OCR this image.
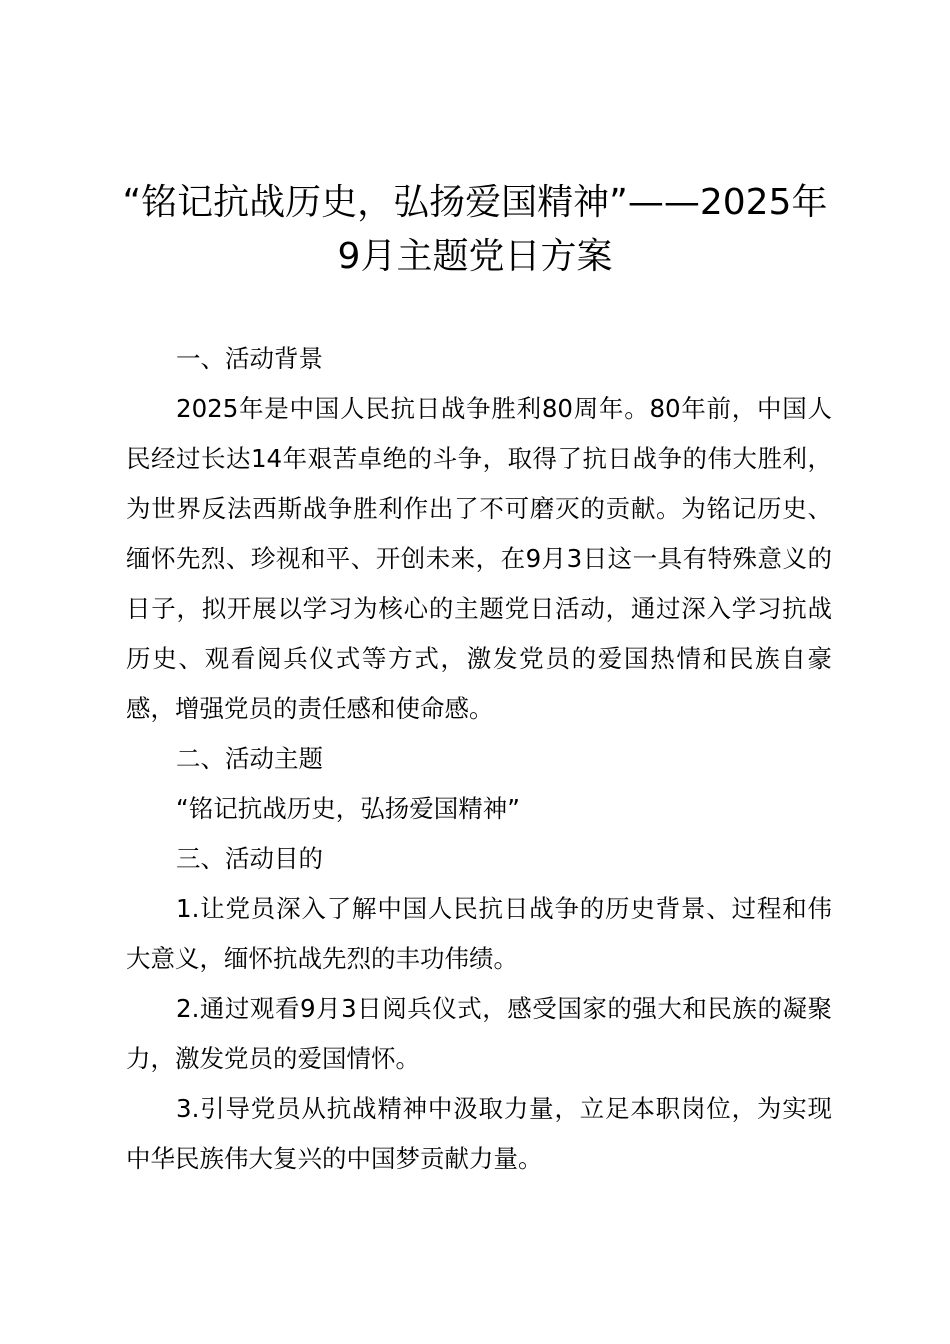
“铭记抗战历史，弘扬爱国精神”——2025年
9月主题党日方案

一、活动背景

2025年是中国人民抗日战争胜利80周年。80年前，中国人民经过长达14年艰苦卓绝的斗争，取得了抗日战争的伟大胜利，为世界反法西斯战争胜利作出了不可磨灭的贡献。为铭记历史、缅怀先烈、珍视和平、开创未来，在9月3日这一具有特殊意义的日子，拟开展以学习为核心的主题党日活动，通过深入学习抗战历史、观看阅兵仪式等方式，激发党员的爱国热情和民族自豪感，增强党员的责任感和使命感。

二、活动主题

“铭记抗战历史，弘扬爱国精神”

三、活动目的

1.让党员深入了解中国人民抗日战争的历史背景、过程和伟大意义，缅怀抗战先烈的丰功伟绩。

2.通过观看9月3日阅兵仪式，感受国家的强大和民族的凝聚力，激发党员的爱国情怀。

3.引导党员从抗战精神中汲取力量，立足本职岗位，为实现中华民族伟大复兴的中国梦贡献力量。
